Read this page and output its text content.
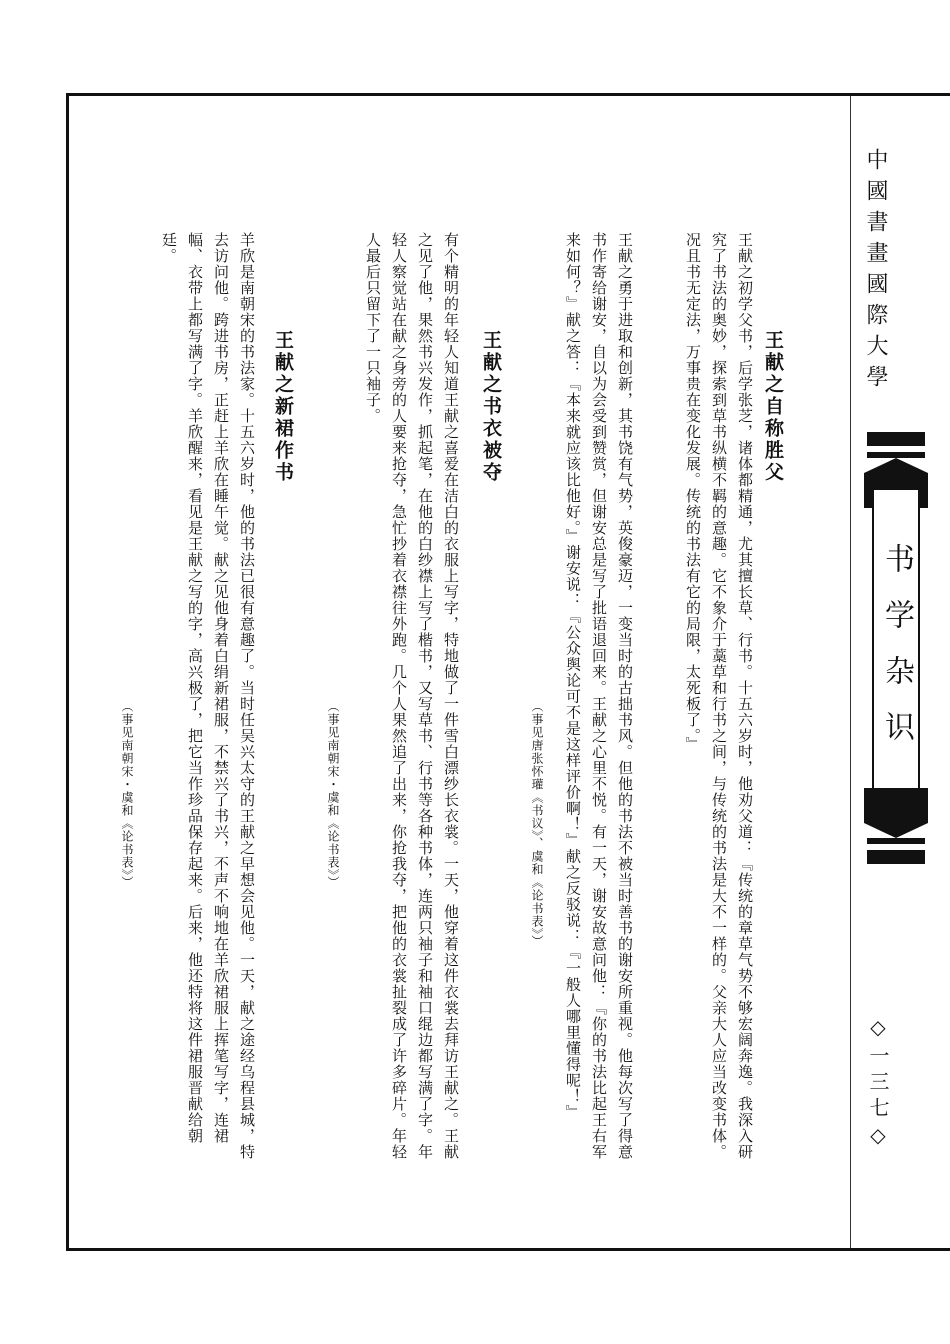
中國書畫國際大學
书学杂识
◇一三七◇
王献之自称胜父
王献之初学父书，后学张芝，诸体都精通，尤其擅长草、行书。十五六岁时，他劝父道：『传统的章草气势不够宏阔奔逸。我深入研究了书法的奥妙，探索到草书纵横不羁的意趣。它不象介于藁草和行书之间，与传统的书法是大不一样的。父亲大人应当改变书体。况且书无定法，万事贵在变化发展。传统的书法有它的局限，太死板了。』
王献之勇于进取和创新，其书饶有气势，英俊豪迈，一变当时的古拙书风。但他的书法不被当时善书的谢安所重视。他每次写了得意书作寄给谢安，自以为会受到赞赏，但谢安总是写了批语退回来。王献之心里不悦。有一天，谢安故意问他：『你的书法比起王右军来如何？』献之答：『本来就应该比他好。』谢安说：『公众舆论可不是这样评价啊！』献之反驳说：『一般人哪里懂得呢！』
（事见唐张怀瓘《书议》、虞和《论书表》）
王献之书衣被夺
有个精明的年轻人知道王献之喜爱在洁白的衣服上写字，特地做了一件雪白漂纱长衣裳。一天，他穿着这件衣裳去拜访王献之。王献之见了他，果然书兴发作，抓起笔，在他的白纱襟上写了楷书，又写草书、行书等各种书体，连两只袖子和袖口绲边都写满了字。年轻人察觉站在献之身旁的人要来抢夺，急忙抄着衣襟往外跑。几个人果然追了出来，你抢我夺，把他的衣裳扯裂成了许多碎片。年轻人最后只留下了一只袖子。
（事见南朝宋・虞和《论书表》）
王献之新裙作书
羊欣是南朝宋的书法家。十五六岁时，他的书法已很有意趣了。当时任吴兴太守的王献之早想会见他。一天，献之途经乌程县城，特去访问他。跨进书房，正赶上羊欣在睡午觉。献之见他身着白绢新裙服，不禁兴了书兴，不声不响地在羊欣裙服上挥笔写字，连裙幅、衣带上都写满了字。羊欣醒来，看见是王献之写的字，高兴极了，把它当作珍品保存起来。后来，他还特将这件裙服晋献给朝廷。
（事见南朝宋・虞和《论书表》）
